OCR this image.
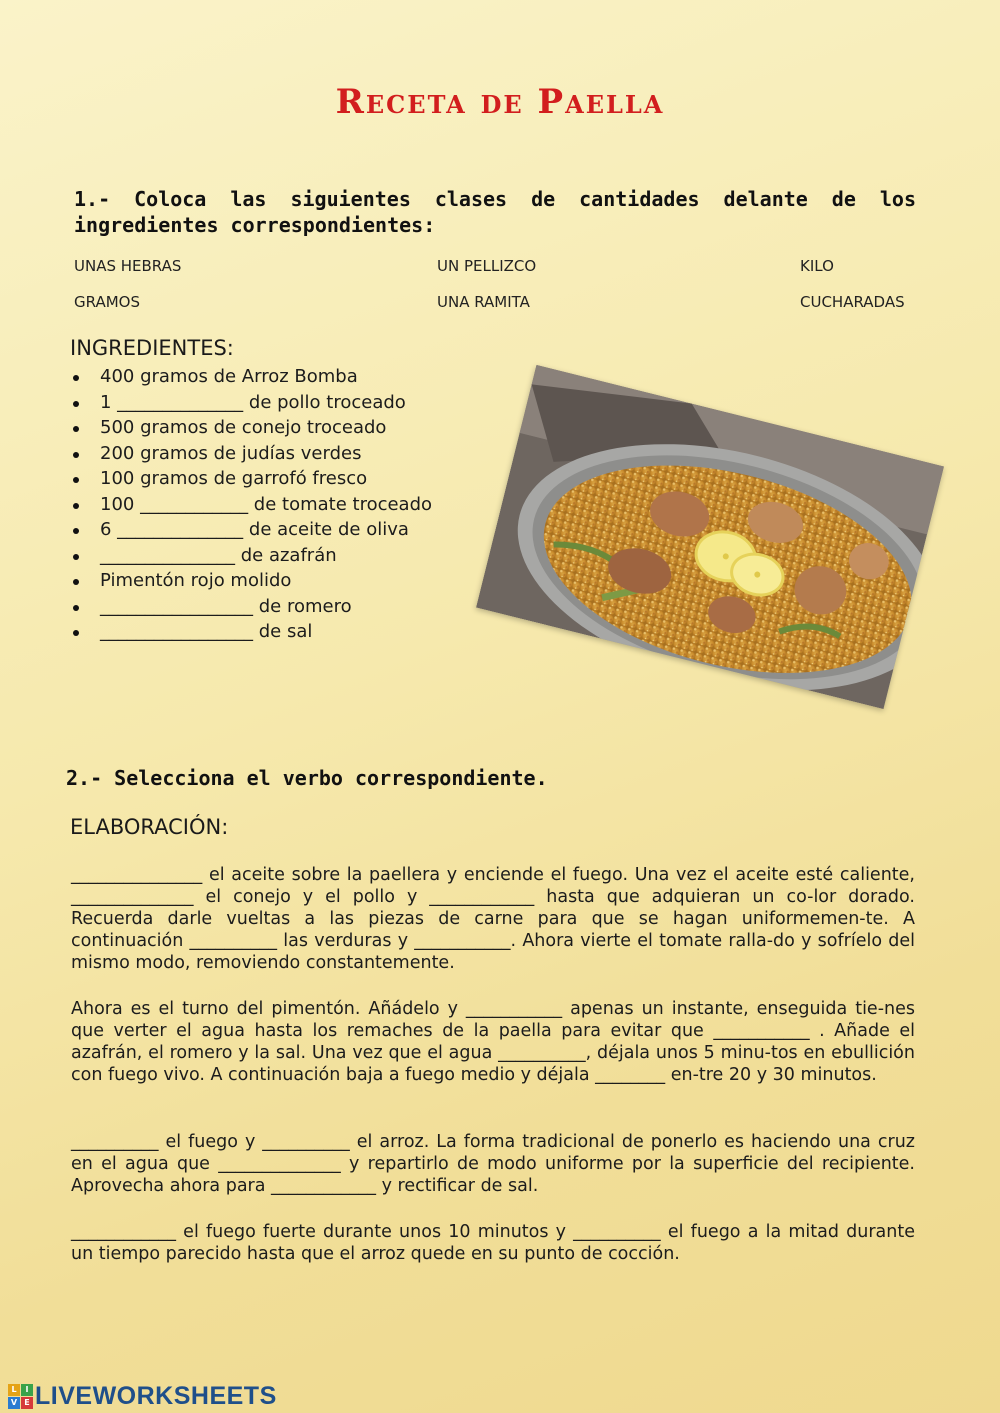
Receta de Paella
1.- Coloca las siguientes clases de cantidades delante de los ingredientes correspondientes:
UNAS HEBRAS	UN PELLIZCO	KILO
GRAMOS	UNA RAMITA	CUCHARADAS
INGREDIENTES:
400 gramos de Arroz Bomba
1 ______________ de pollo troceado
500 gramos de conejo troceado
200 gramos de judías verdes
100 gramos de garrofó fresco
100 ____________ de tomate troceado
6 ______________ de aceite de oliva
_______________ de azafrán
Pimentón rojo molido
_________________ de romero
_________________ de sal
2.- Selecciona el verbo correspondiente.
ELABORACIÓN:

_______________ el aceite sobre la paellera y enciende el fuego. Una vez el aceite esté caliente, ______________ el conejo y el pollo y ____________ hasta que adquieran un co-lor dorado. Recuerda darle vueltas a las piezas de carne para que se hagan uniformemen-te. A continuación __________ las verduras y ___________. Ahora vierte el tomate ralla-do y sofríelo del mismo modo, removiendo constantemente.

Ahora es el turno del pimentón. Añádelo y ___________ apenas un instante, enseguida tie-nes que verter el agua hasta los remaches de la paella para evitar que ___________ . Añade el azafrán, el romero y la sal. Una vez que el agua __________, déjala unos 5 minu-tos en ebullición con fuego vivo. A continuación baja a fuego medio y déjala ________ en-tre 20 y 30 minutos.

__________ el fuego y __________ el arroz. La forma tradicional de ponerlo es haciendo una cruz en el agua que ______________ y repartirlo de modo uniforme por la superficie del recipiente. Aprovecha ahora para ____________ y rectificar de sal.

____________ el fuego fuerte durante unos 10 minutos y __________ el fuego a la mitad durante un tiempo parecido hasta que el arroz quede en su punto de cocción.

L	I
V E LIVEWORKSHEETS
